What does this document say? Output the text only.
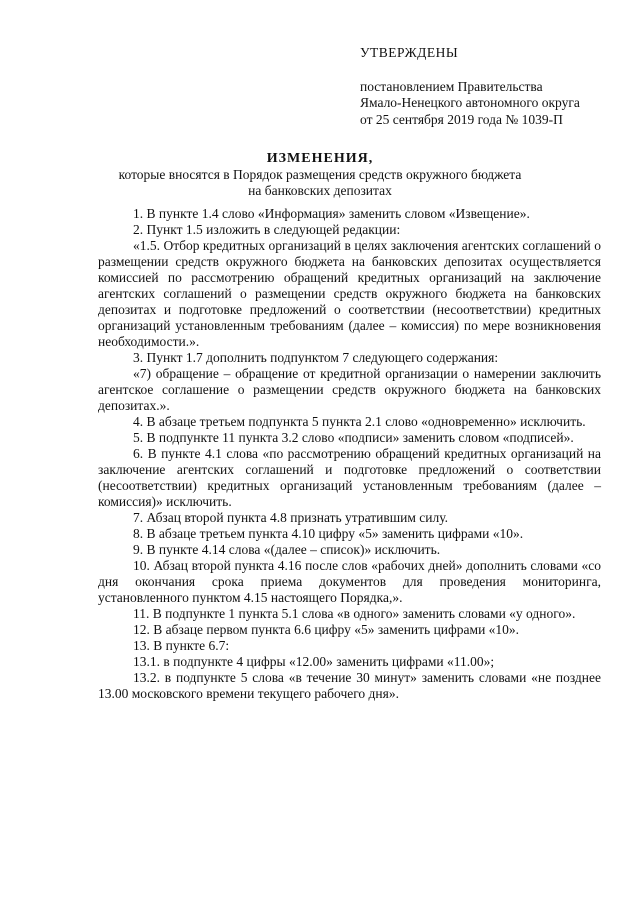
УТВЕРЖДЕНЫ
постановлением Правительства
Ямало-Ненецкого автономного округа
от 25 сентября 2019 года № 1039-П
ИЗМЕНЕНИЯ,
которые вносятся в Порядок размещения средств окружного бюджета
на банковских депозитах

1. В пункте 1.4 слово «Информация» заменить словом «Извещение».

2. Пункт 1.5 изложить в следующей редакции:

«1.5. Отбор кредитных организаций в целях заключения агентских соглашений о размещении средств окружного бюджета на банковских депозитах осуществляется комиссией по рассмотрению обращений кредитных организаций на заключение агентских соглашений о размещении средств окружного бюджета на банковских депозитах и подготовке предложений о соответствии (несоответствии) кредитных организаций установленным требованиям (далее – комиссия) по мере возникновения необходимости.».

3. Пункт 1.7 дополнить подпунктом 7 следующего содержания:

«7) обращение – обращение от кредитной организации о намерении заключить агентское соглашение о размещении средств окружного бюджета на банковских депозитах.».

4. В абзаце третьем подпункта 5 пункта 2.1 слово «одновременно» исключить.

5. В подпункте 11 пункта 3.2 слово «подписи» заменить словом «подписей».

6. В пункте 4.1 слова «по рассмотрению обращений кредитных организаций на заключение агентских соглашений и подготовке предложений о соответствии (несоответствии) кредитных организаций установленным требованиям (далее – комиссия)» исключить.

7. Абзац второй пункта 4.8 признать утратившим силу.

8. В абзаце третьем пункта 4.10 цифру «5» заменить цифрами «10».

9. В пункте 4.14 слова «(далее – список)» исключить.

10. Абзац второй пункта 4.16 после слов «рабочих дней» дополнить словами «со дня окончания срока приема документов для проведения мониторинга, установленного пунктом 4.15 настоящего Порядка,».

11. В подпункте 1 пункта 5.1 слова «в одного» заменить словами «у одного».

12. В абзаце первом пункта 6.6 цифру «5» заменить цифрами «10».

13. В пункте 6.7:

13.1. в подпункте 4 цифры «12.00» заменить цифрами «11.00»;

13.2. в подпункте 5 слова «в течение 30 минут» заменить словами «не позднее 13.00 московского времени текущего рабочего дня».
